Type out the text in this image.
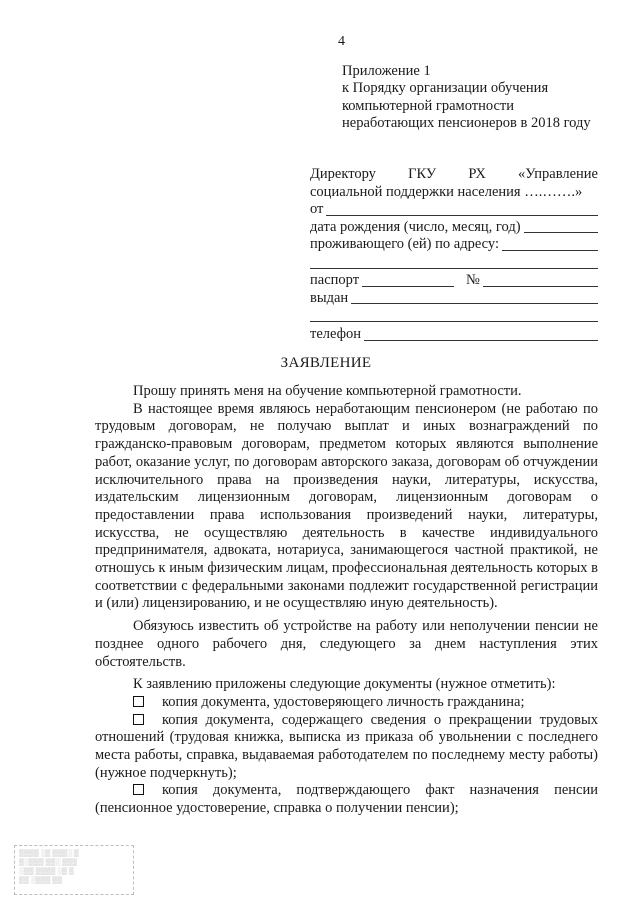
4
Приложение 1
к Порядку организации обучения
компьютерной грамотности
неработающих пенсионеров в 2018 году
Директору ГКУ РХ «Управление
социальной поддержки населения ….…….»
от
дата рождения (число, месяц, год)
проживающего (ей) по адресу:
паспорт	№
выдан
телефон
ЗАЯВЛЕНИЕ

Прошу принять меня на обучение компьютерной грамотности.

В настоящее время являюсь неработающим пенсионером (не работаю по трудовым договорам, не получаю выплат и иных вознаграждений по гражданско-правовым договорам, предметом которых являются выполнение работ, оказание услуг, по договорам авторского заказа, договорам об отчуждении исключительного права на произведения науки, литературы, искусства, издательским лицензионным договорам, лицензионным договорам о предоставлении права использования произведений науки, литературы, искусства, не осуществляю деятельность в качестве индивидуального предпринимателя, адвоката, нотариуса, занимающегося частной практикой, не отношусь к иным физическим лицам, профессиональная деятельность которых в соответствии с федеральными законами подлежит государственной регистрации и (или) лицензированию, и не осуществляю иную деятельность).

Обязуюсь известить об устройстве на работу или неполучении пенсии не позднее одного рабочего дня, следующего за днем наступления этих обстоятельств.

К заявлению приложены следующие документы (нужное отметить):

копия документа, удостоверяющего личность гражданина;

копия документа, содержащего сведения о прекращении трудовых отношений (трудовая книжка, выписка из приказа об увольнении с последнего места работы, справка, выдаваемая работодателем по последнему месту работы) (нужное подчеркнуть);

копия документа, подтверждающего факт назначения пенсии (пенсионное удостоверение, справка о получении пенсии);

▒▒▒▒ ░▒ ▒▒▒░ ▒
▒░▒▒▒ ▒▒░ ▒▒▒
░▒▒ ▒▒▒▒ ░▒ ▒
▒▒ ░▒▒▒ ▒▒
